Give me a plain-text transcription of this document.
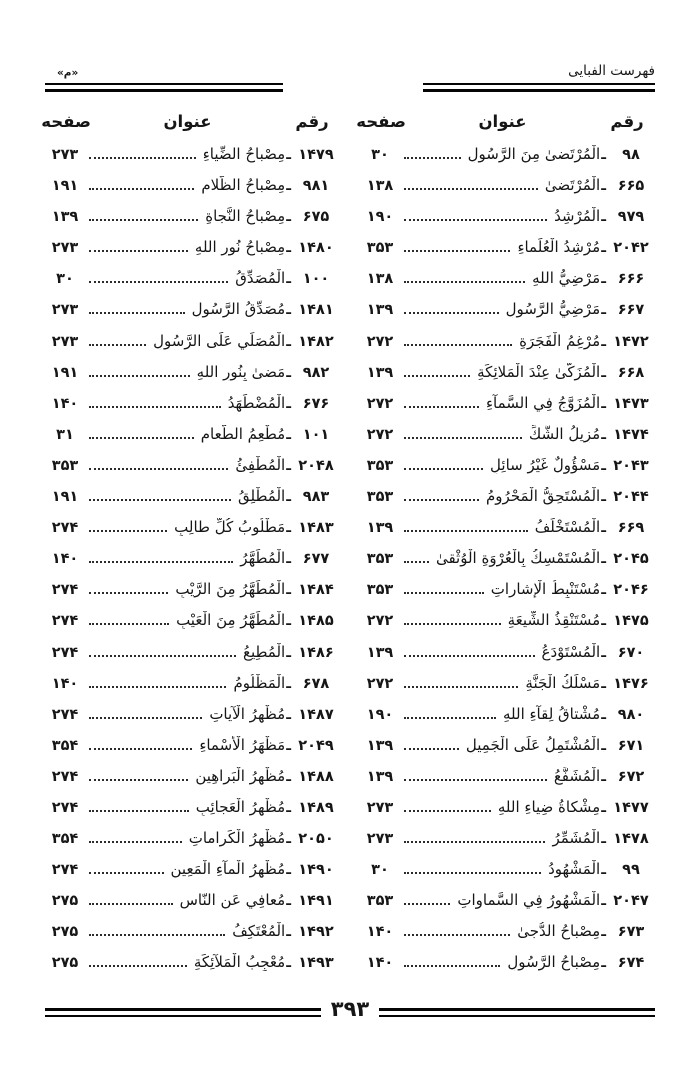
فهرست الفبایی
«م»
رقم
عنوان
صفحه
۹۸
ـ
الْمُرْتَضىٰ مِنَ الرَّسُولِ
۳۰
۶۶۵
ـ
الْمُرْتَضىٰ
۱۳۸
۹۷۹
ـ
الْمُرْشِدُ
۱۹۰
۲۰۴۲
ـ
مُرْشِدُ الْعُلَماءِ
۳۵۳
۶۶۶
ـ
مَرْضِيُّ اللهِ
۱۳۸
۶۶۷
ـ
مَرْضِيُّ الرَّسُولِ
۱۳۹
۱۴۷۲
ـ
مُرْغِمُ الْفَجَرَةِ
۲۷۲
۶۶۸
ـ
الْمُزَكّىٰ عِنْدَ الْمَلائِكَةِ
۱۳۹
۱۴۷۳
ـ
الْمُزَوَّجُ فِي السَّمآءِ
۲۷۲
۱۴۷۴
ـ
مُزِيلُ الشَّكِّ
۲۷۲
۲۰۴۳
ـ
مَسْؤُولٌ غَيْرُ سائِلٍ
۳۵۳
۲۰۴۴
ـ
الْمُسْتَحِقُّ الْمَحْرُومُ
۳۵۳
۶۶۹
ـ
الْمُسْتَخْلَفُ
۱۳۹
۲۰۴۵
ـ
الْمُسْتَمْسِكُ بِالْعُرْوَةِ الْوُثْقىٰ
۳۵۳
۲۰۴۶
ـ
مُسْتَنْبِطُ الْإِشاراتِ
۳۵۳
۱۴۷۵
ـ
مُسْتَنْقِذُ الشِّيعَةِ
۲۷۲
۶۷۰
ـ
الْمُسْتَوْدَعُ
۱۳۹
۱۴۷۶
ـ
مَسْلَكُ الْجَنَّةِ
۲۷۲
۹۸۰
ـ
مُشْتاقُ لِقآءِ اللهِ
۱۹۰
۶۷۱
ـ
الْمُشْتَمِلُ عَلَى الْجَمِيلِ
۱۳۹
۶۷۲
ـ
الْمُشَفَّعُ
۱۳۹
۱۴۷۷
ـ
مِشْكاةُ ضِياءِ اللهِ
۲۷۳
۱۴۷۸
ـ
الْمُشَمِّرُ
۲۷۳
۹۹
ـ
الْمَشْهُودُ
۳۰
۲۰۴۷
ـ
الْمَشْهُورُ فِي السَّماواتِ
۳۵۳
۶۷۳
ـ
مِصْباحُ الدُّجىٰ
۱۴۰
۶۷۴
ـ
مِصْباحُ الرَّسُولِ
۱۴۰
رقم
عنوان
صفحه
۱۴۷۹
ـ
مِصْباحُ الضِّياءِ
۲۷۳
۹۸۱
ـ
مِصْباحُ الظَّلامِ
۱۹۱
۶۷۵
ـ
مِصْباحُ النَّجاةِ
۱۳۹
۱۴۸۰
ـ
مِصْباحُ نُورِ اللهِ
۲۷۳
۱۰۰
ـ
الْمُصَدِّقُ
۳۰
۱۴۸۱
ـ
مُصَدِّقُ الرَّسُولِ
۲۷۳
۱۴۸۲
ـ
الْمُصَلِّي عَلَى الرَّسُولِ
۲۷۳
۹۸۲
ـ
مَضىٰ بِنُورِ اللهِ
۱۹۱
۶۷۶
ـ
الْمُضْطَهَدُ
۱۴۰
۱۰۱
ـ
مُطْعِمُ الطَّعامِ
۳۱
۲۰۴۸
ـ
الْمُطْفِئُ
۳۵۳
۹۸۳
ـ
الْمُطْلِقُ
۱۹۱
۱۴۸۳
ـ
مَطْلُوبُ كُلِّ طالِبٍ
۲۷۴
۶۷۷
ـ
الْمُطَهَّرُ
۱۴۰
۱۴۸۴
ـ
الْمُطَهَّرُ مِنَ الرَّيْبِ
۲۷۴
۱۴۸۵
ـ
الْمُطَهَّرُ مِنَ الْعَيْبِ
۲۷۴
۱۴۸۶
ـ
الْمُطِيعُ
۲۷۴
۶۷۸
ـ
الْمَظْلُومُ
۱۴۰
۱۴۸۷
ـ
مُظْهِرُ الْآياتِ
۲۷۴
۲۰۴۹
ـ
مَظْهَرُ الْأَسْماءِ
۳۵۴
۱۴۸۸
ـ
مُظْهِرُ الْبَراهِينِ
۲۷۴
۱۴۸۹
ـ
مُظْهِرُ الْعَجائِبِ
۲۷۴
۲۰۵۰
ـ
مُظْهِرُ الْكَراماتِ
۳۵۴
۱۴۹۰
ـ
مُظْهِرُ الْمآءِ الْمَعِينِ
۲۷۴
۱۴۹۱
ـ
مُعافِي عَنِ النّاسِ
۲۷۵
۱۴۹۲
ـ
الْمُعْتَكِفُ
۲۷۵
۱۴۹۳
ـ
مُعْجِبُ الْمَلآئِكَةِ
۲۷۵
۳۹۳
